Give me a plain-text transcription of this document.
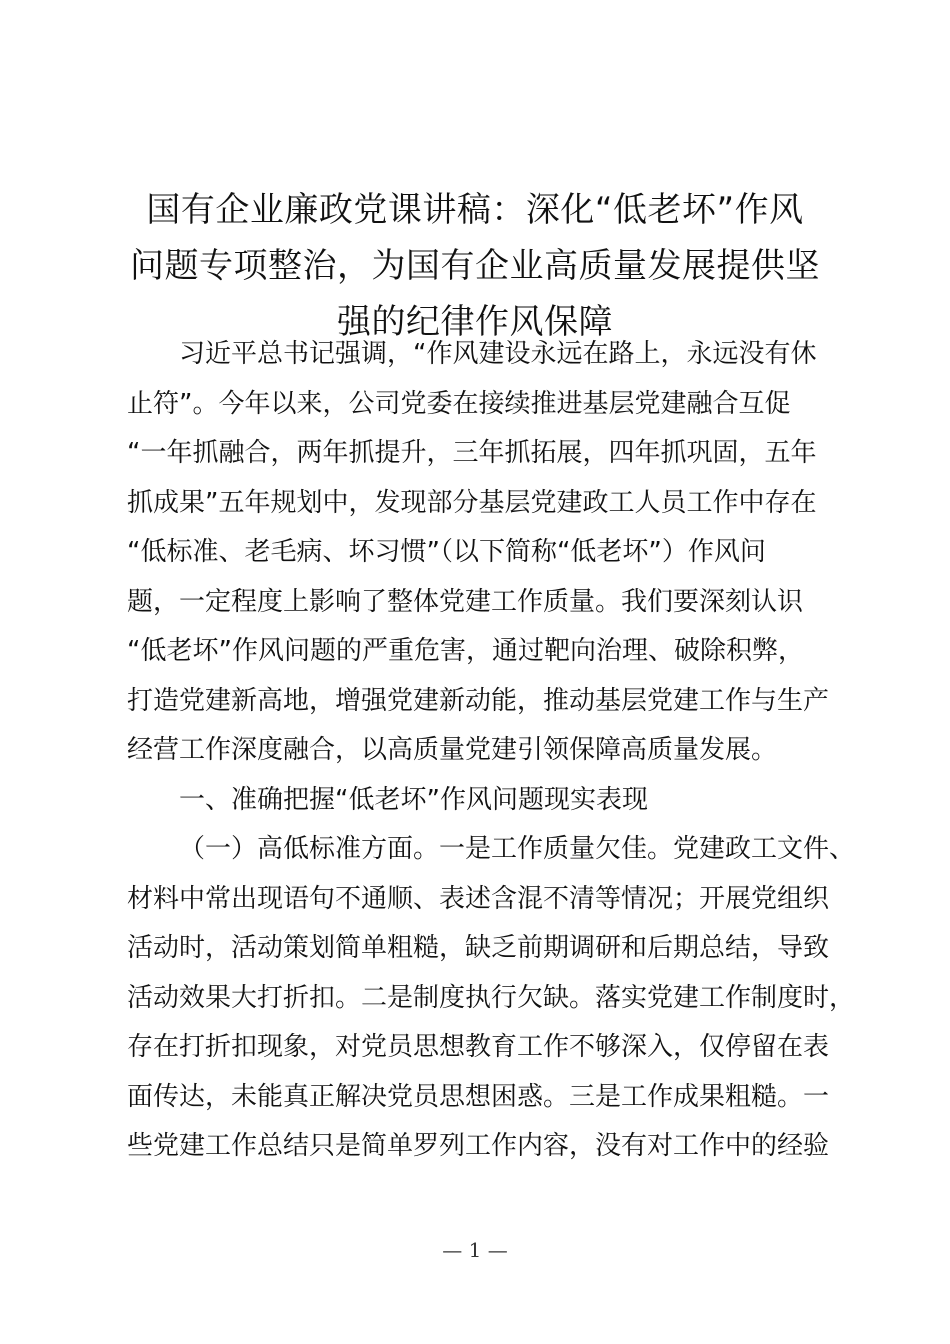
国有企业廉政党课讲稿：深化“低老坏”作风
问题专项整治，为国有企业高质量发展提供坚
强的纪律作风保障
习近平总书记强调，“作风建设永远在路上，永远没有休
止符”。今年以来，公司党委在接续推进基层党建融合互促
“一年抓融合，两年抓提升，三年抓拓展，四年抓巩固，五年
抓成果”五年规划中，发现部分基层党建政工人员工作中存在
“低标准、老毛病、坏习惯”（以下简称“低老坏”）作风问
题，一定程度上影响了整体党建工作质量。我们要深刻认识
“低老坏”作风问题的严重危害，通过靶向治理、破除积弊，
打造党建新高地，增强党建新动能，推动基层党建工作与生产
经营工作深度融合，以高质量党建引领保障高质量发展。
一、准确把握“低老坏”作风问题现实表现
（一）高低标准方面。一是工作质量欠佳。党建政工文件、
材料中常出现语句不通顺、表述含混不清等情况；开展党组织
活动时，活动策划简单粗糙，缺乏前期调研和后期总结，导致
活动效果大打折扣。二是制度执行欠缺。落实党建工作制度时，
存在打折扣现象，对党员思想教育工作不够深入，仅停留在表
面传达，未能真正解决党员思想困惑。三是工作成果粗糙。一
些党建工作总结只是简单罗列工作内容，没有对工作中的经验
— 1 —
